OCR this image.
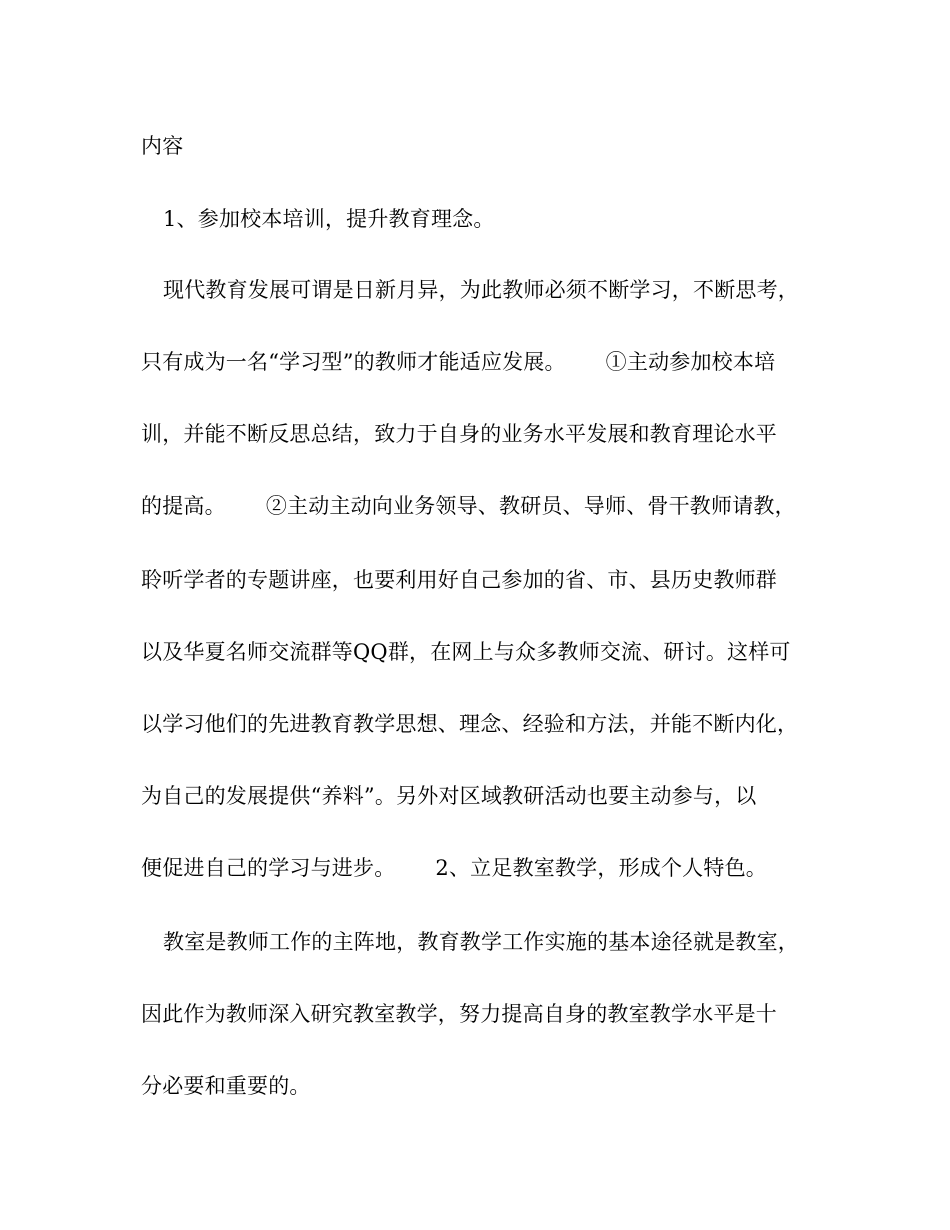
内容
1、参加校本培训，提升教育理念。
现代教育发展可谓是日新月异，为此教师必须不断学习，不断思考，
只有成为一名“学习型”的教师才能适应发展。 ①主动参加校本培
训，并能不断反思总结，致力于自身的业务水平发展和教育理论水平
的提高。 ②主动主动向业务领导、教研员、导师、骨干教师请教，
聆听学者的专题讲座，也要利用好自己参加的省、市、县历史教师群
以及华夏名师交流群等QQ群，在网上与众多教师交流、研讨。这样可
以学习他们的先进教育教学思想、理念、经验和方法，并能不断内化，
为自己的发展提供“养料”。另外对区域教研活动也要主动参与，以
便促进自己的学习与进步。 2、立足教室教学，形成个人特色。
教室是教师工作的主阵地，教育教学工作实施的基本途径就是教室，
因此作为教师深入研究教室教学，努力提高自身的教室教学水平是十
分必要和重要的。
